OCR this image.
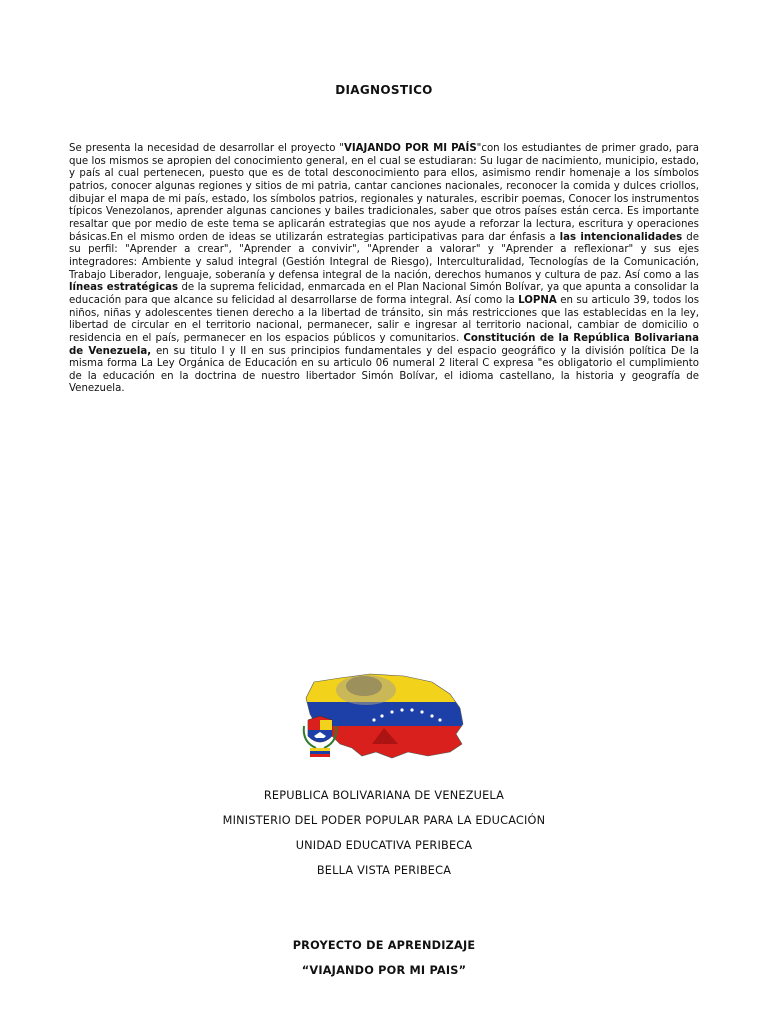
DIAGNOSTICO
Se presenta la necesidad de desarrollar el proyecto "VIAJANDO POR MI PAÍS"con los estudiantes de primer grado, para que los mismos se apropien del conocimiento general, en el cual se estudiaran: Su lugar de nacimiento, municipio, estado, y país al cual pertenecen, puesto que es de total desconocimiento para ellos, asimismo rendir homenaje a los símbolos patrios, conocer algunas regiones y sitios de mi patria, cantar canciones nacionales, reconocer la comida y dulces criollos, dibujar el mapa de mi país, estado, los símbolos patrios, regionales y naturales, escribir poemas, Conocer los instrumentos típicos Venezolanos, aprender algunas canciones y bailes tradicionales, saber que otros países están cerca. Es importante resaltar que por medio de este tema se aplicarán estrategias que nos ayude a reforzar la lectura, escritura y operaciones básicas.En el mismo orden de ideas se utilizarán estrategias participativas para dar énfasis a las intencionalidades de su perfil: "Aprender a crear", "Aprender a convivir", "Aprender a valorar" y "Aprender a reflexionar" y sus ejes integradores: Ambiente y salud integral (Gestión Integral de Riesgo), Interculturalidad, Tecnologías de la Comunicación, Trabajo Liberador, lenguaje, soberanía y defensa integral de la nación, derechos humanos y cultura de paz. Así como a las líneas estratégicas de la suprema felicidad, enmarcada en el Plan Nacional Simón Bolívar, ya que apunta a consolidar la educación para que alcance su felicidad al desarrollarse de forma integral. Así como la LOPNA en su articulo 39, todos los niños, niñas y adolescentes tienen derecho a la libertad de tránsito, sin más restricciones que las establecidas en la ley, libertad de circular en el territorio nacional, permanecer, salir e ingresar al territorio nacional, cambiar de domicilio o residencia en el país, permanecer en los espacios públicos y comunitarios. Constitución de la República Bolivariana de Venezuela, en su titulo I y II en sus principios fundamentales y del espacio geográfico y la división política De la misma forma La Ley Orgánica de Educación en su articulo 06 numeral 2 literal C expresa "es obligatorio el cumplimiento de la educación en la doctrina de nuestro libertador Simón Bolívar, el idioma castellano, la historia y geografía de Venezuela.
REPUBLICA BOLIVARIANA DE VENEZUELA
MINISTERIO DEL PODER POPULAR PARA LA EDUCACIÓN
UNIDAD EDUCATIVA PERIBECA
BELLA VISTA PERIBECA
PROYECTO DE APRENDIZAJE
“VIAJANDO POR MI PAIS”
